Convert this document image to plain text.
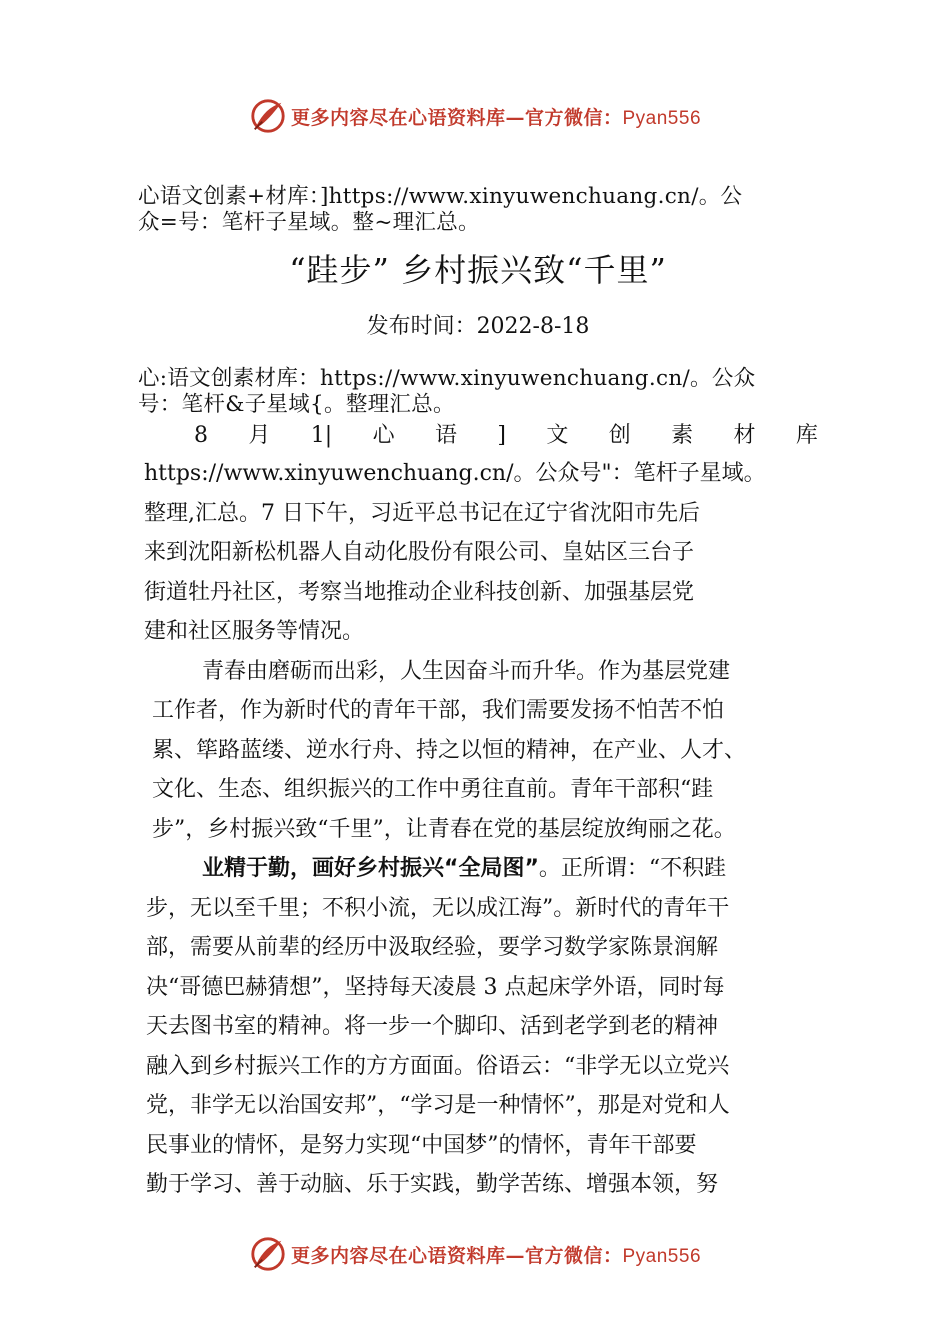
更多内容尽在心语资料库—官方微信：Pyan556
心语文创素+材库：]https://www.xinyuwenchuang.cn/。公
众=号：笔杆子星域。整~理汇总。
“跬步” 乡村振兴致“千里”
发布时间：2022-8-18
心:语文创素材库：https://www.xinyuwenchuang.cn/。公众
号：笔杆&子星域{。整理汇总。
8 月 1| 心 语 ] 文 创 素 材 库
https://www.xinyuwenchuang.cn/。公众号"：笔杆子星域。
整理,汇总。7 日下午，习近平总书记在辽宁省沈阳市先后
来到沈阳新松机器人自动化股份有限公司、皇姑区三台子
街道牡丹社区，考察当地推动企业科技创新、加强基层党
建和社区服务等情况。
青春由磨砺而出彩，人生因奋斗而升华。作为基层党建
工作者，作为新时代的青年干部，我们需要发扬不怕苦不怕
累、筚路蓝缕、逆水行舟、持之以恒的精神，在产业、人才、
文化、生态、组织振兴的工作中勇往直前。青年干部积“跬
步”，乡村振兴致“千里”，让青春在党的基层绽放绚丽之花。
业精于勤，画好乡村振兴“全局图”。正所谓：“不积跬
步，无以至千里；不积小流，无以成江海”。新时代的青年干
部，需要从前辈的经历中汲取经验，要学习数学家陈景润解
决“哥德巴赫猜想”，坚持每天凌晨 3 点起床学外语，同时每
天去图书室的精神。将一步一个脚印、活到老学到老的精神
融入到乡村振兴工作的方方面面。俗语云：“非学无以立党兴
党，非学无以治国安邦”，“学习是一种情怀”，那是对党和人
民事业的情怀，是努力实现“中国梦”的情怀，青年干部要
勤于学习、善于动脑、乐于实践，勤学苦练、增强本领，努
更多内容尽在心语资料库—官方微信：Pyan556
